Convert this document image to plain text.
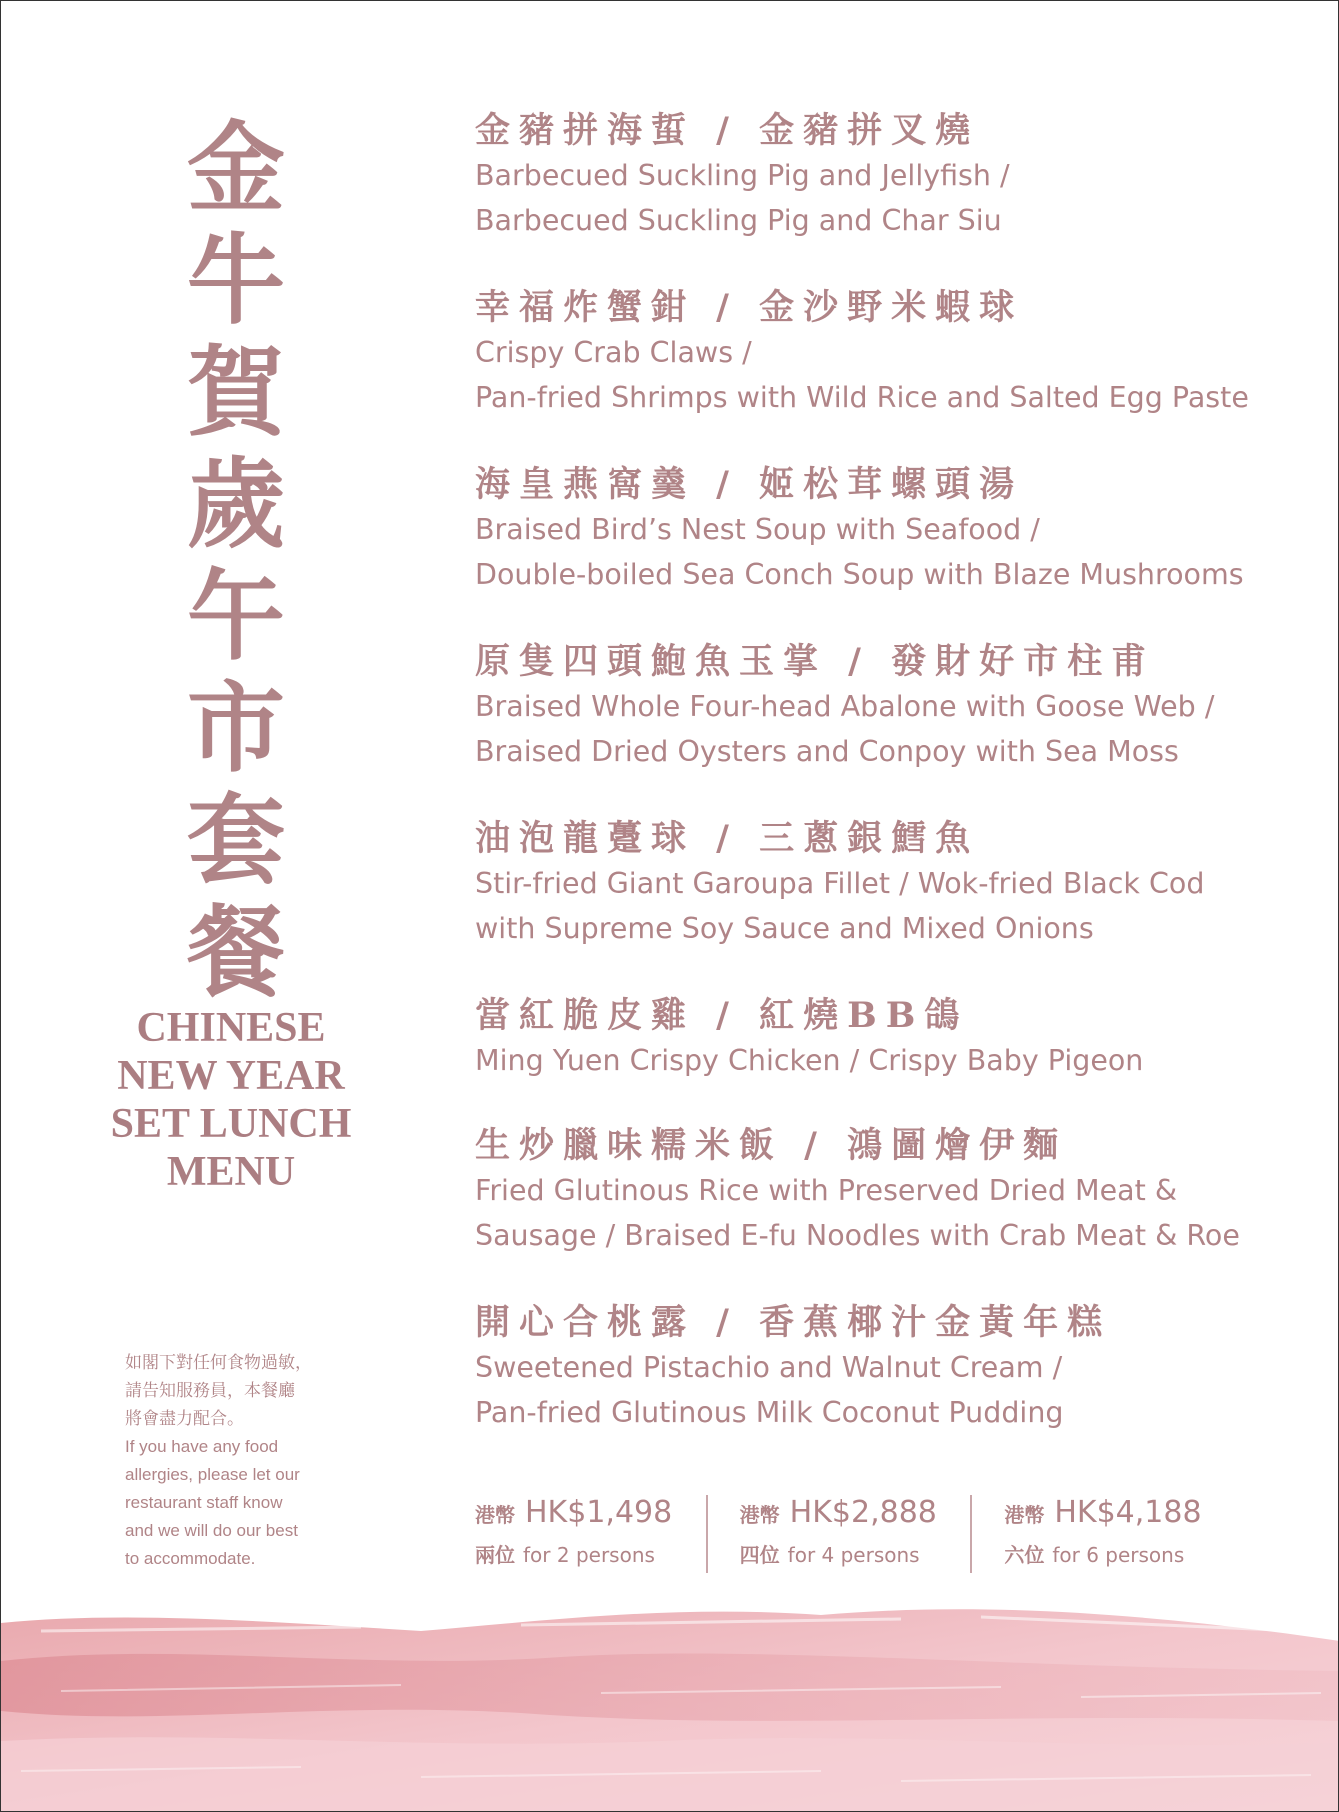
金
牛
賀
歲
午
市
套
餐
CHINESE
NEW YEAR
SET LUNCH
MENU
如閣下對任何食物過敏，
請告知服務員，本餐廳
將會盡力配合。
If you have any food
allergies, please let our
restaurant staff know
and we will do our best
to accommodate.
金豬拼海蜇 / 金豬拼叉燒
Barbecued Suckling Pig and Jellyfish /
Barbecued Suckling Pig and Char Siu
幸福炸蟹鉗 / 金沙野米蝦球
Crispy Crab Claws /
Pan-fried Shrimps with Wild Rice and Salted Egg Paste
海皇燕窩羹 / 姬松茸螺頭湯
Braised Bird’s Nest Soup with Seafood /
Double-boiled Sea Conch Soup with Blaze Mushrooms
原隻四頭鮑魚玉掌 / 發財好市柱甫
Braised Whole Four-head Abalone with Goose Web /
Braised Dried Oysters and Conpoy with Sea Moss
油泡龍躉球 / 三蔥銀鱈魚
Stir-fried Giant Garoupa Fillet / Wok-fried Black Cod
with Supreme Soy Sauce and Mixed Onions
當紅脆皮雞 / 紅燒BB鴿
Ming Yuen Crispy Chicken / Crispy Baby Pigeon
生炒臘味糯米飯 / 鴻圖燴伊麵
Fried Glutinous Rice with Preserved Dried Meat &
Sausage / Braised E-fu Noodles with Crab Meat & Roe
開心合桃露 / 香蕉椰汁金黃年糕
Sweetened Pistachio and Walnut Cream /
Pan-fried Glutinous Milk Coconut Pudding
港幣 HK$1,498
兩位 for 2 persons
港幣 HK$2,888
四位 for 4 persons
港幣 HK$4,188
六位 for 6 persons
